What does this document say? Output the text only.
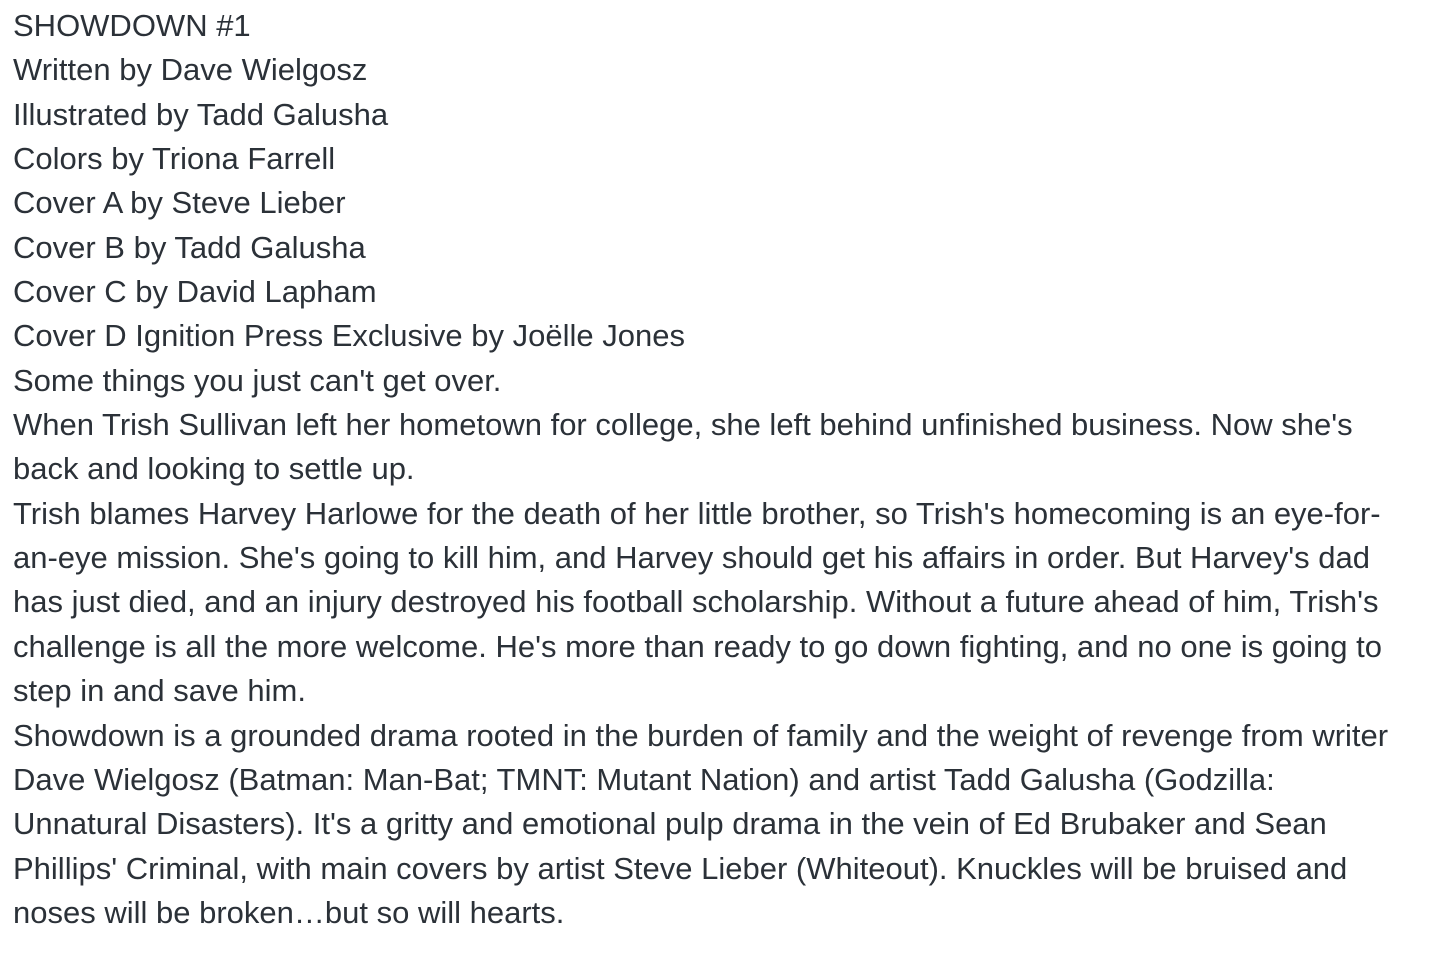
SHOWDOWN #1

Written by Dave Wielgosz

Illustrated by Tadd Galusha

Colors by Triona Farrell

Cover A by Steve Lieber

Cover B by Tadd Galusha

Cover C by David Lapham

Cover D Ignition Press Exclusive by Joëlle Jones

Some things you just can't get over.

When Trish Sullivan left her hometown for college, she left behind unfinished business. Now she's back and looking to settle up.

Trish blames Harvey Harlowe for the death of her little brother, so Trish's homecoming is an eye-for-an-eye mission. She's going to kill him, and Harvey should get his affairs in order. But Harvey's dad has just died, and an injury destroyed his football scholarship. Without a future ahead of him, Trish's challenge is all the more welcome. He's more than ready to go down fighting, and no one is going to step in and save him.

Showdown is a grounded drama rooted in the burden of family and the weight of revenge from writer Dave Wielgosz (Batman: Man-Bat; TMNT: Mutant Nation) and artist Tadd Galusha (Godzilla: Unnatural Disasters). It's a gritty and emotional pulp drama in the vein of Ed Brubaker and Sean Phillips' Criminal, with main covers by artist Steve Lieber (Whiteout). Knuckles will be bruised and noses will be broken…but so will hearts.
